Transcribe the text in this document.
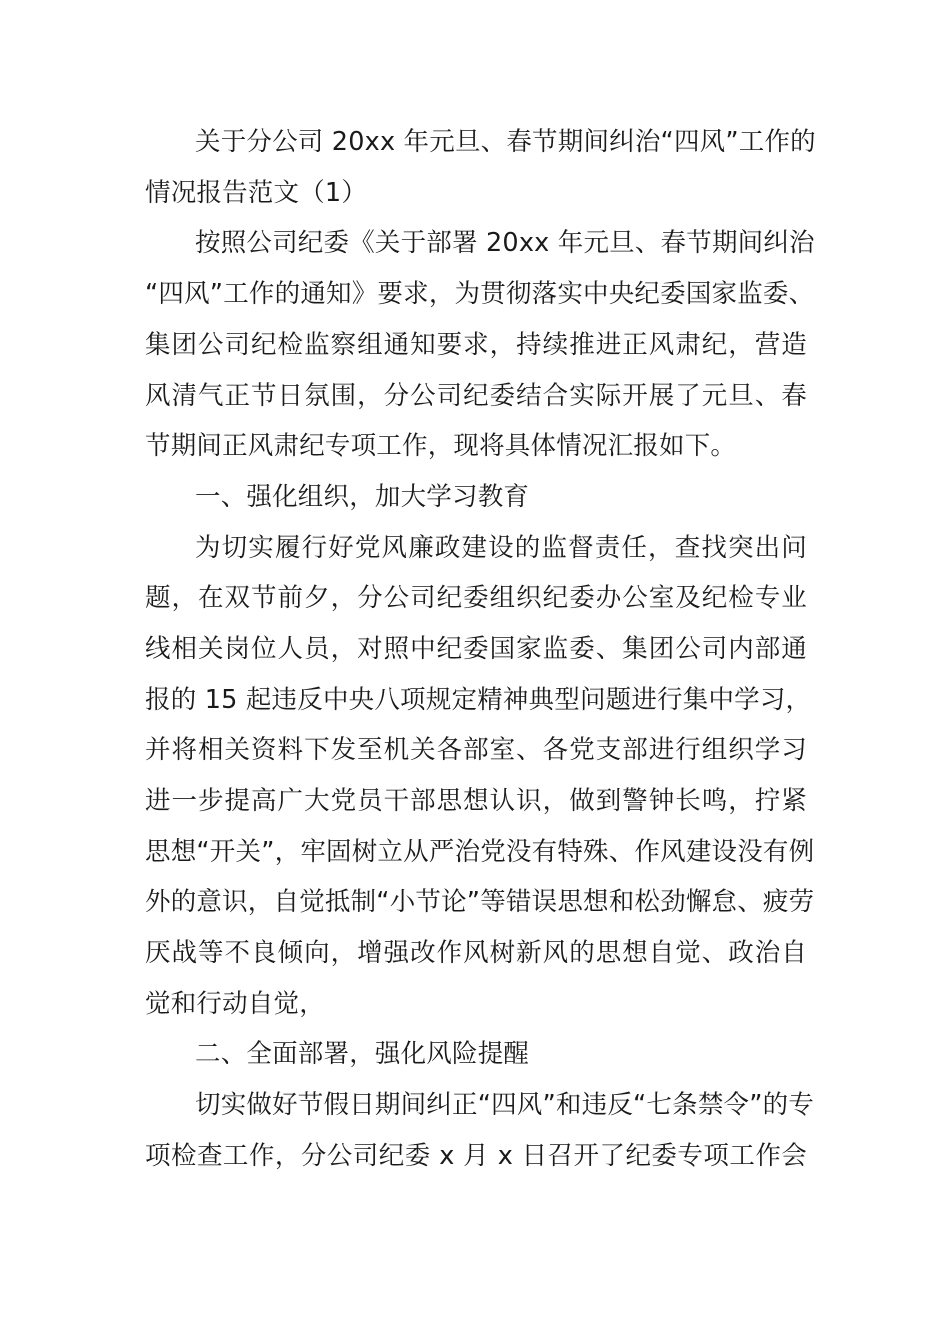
关于分公司 20xx 年元旦、春节期间纠治“四风”工作的
情况报告范文（1）
按照公司纪委《关于部署 20xx 年元旦、春节期间纠治
“四风”工作的通知》要求，为贯彻落实中央纪委国家监委、
集团公司纪检监察组通知要求，持续推进正风肃纪，营造
风清气正节日氛围，分公司纪委结合实际开展了元旦、春
节期间正风肃纪专项工作，现将具体情况汇报如下。
一、强化组织，加大学习教育
为切实履行好党风廉政建设的监督责任，查找突出问
题，在双节前夕，分公司纪委组织纪委办公室及纪检专业
线相关岗位人员，对照中纪委国家监委、集团公司内部通
报的 15 起违反中央八项规定精神典型问题进行集中学习，
并将相关资料下发至机关各部室、各党支部进行组织学习
进一步提高广大党员干部思想认识，做到警钟长鸣，拧紧
思想“开关”，牢固树立从严治党没有特殊、作风建设没有例
外的意识，自觉抵制“小节论”等错误思想和松劲懈怠、疲劳
厌战等不良倾向，增强改作风树新风的思想自觉、政治自
觉和行动自觉，
二、全面部署，强化风险提醒
切实做好节假日期间纠正“四风”和违反“七条禁令”的专
项检查工作，分公司纪委 x 月 x 日召开了纪委专项工作会
